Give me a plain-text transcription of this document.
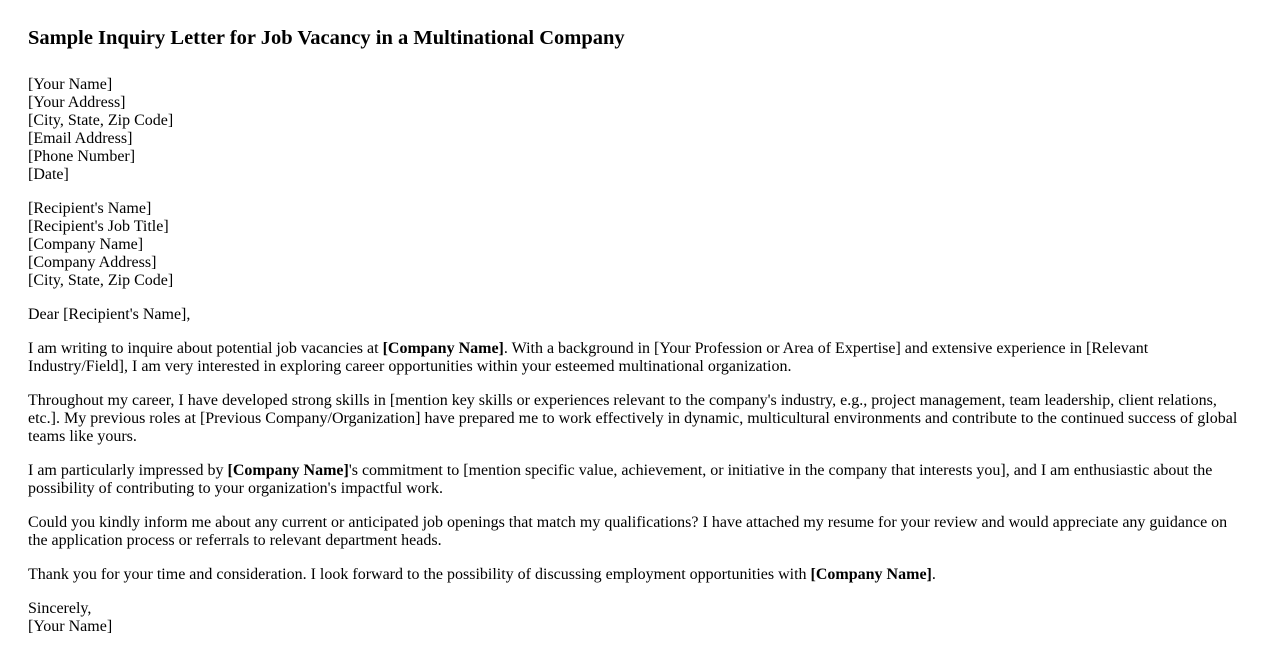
Sample Inquiry Letter for Job Vacancy in a Multinational Company
[Your Name]
[Your Address]
[City, State, Zip Code]
[Email Address]
[Phone Number]
[Date]
[Recipient's Name]
[Recipient's Job Title]
[Company Name]
[Company Address]
[City, State, Zip Code]

Dear [Recipient's Name],

I am writing to inquire about potential job vacancies at [Company Name]. With a background in [Your Profession or Area of Expertise] and extensive experience in [Relevant Industry/Field], I am very interested in exploring career opportunities within your esteemed multinational organization.

Throughout my career, I have developed strong skills in [mention key skills or experiences relevant to the company's industry, e.g., project management, team leadership, client relations, etc.]. My previous roles at [Previous Company/Organization] have prepared me to work effectively in dynamic, multicultural environments and contribute to the continued success of global teams like yours.

I am particularly impressed by [Company Name]'s commitment to [mention specific value, achievement, or initiative in the company that interests you], and I am enthusiastic about the possibility of contributing to your organization's impactful work.

Could you kindly inform me about any current or anticipated job openings that match my qualifications? I have attached my resume for your review and would appreciate any guidance on the application process or referrals to relevant department heads.

Thank you for your time and consideration. I look forward to the possibility of discussing employment opportunities with [Company Name].

Sincerely,
[Your Name]
